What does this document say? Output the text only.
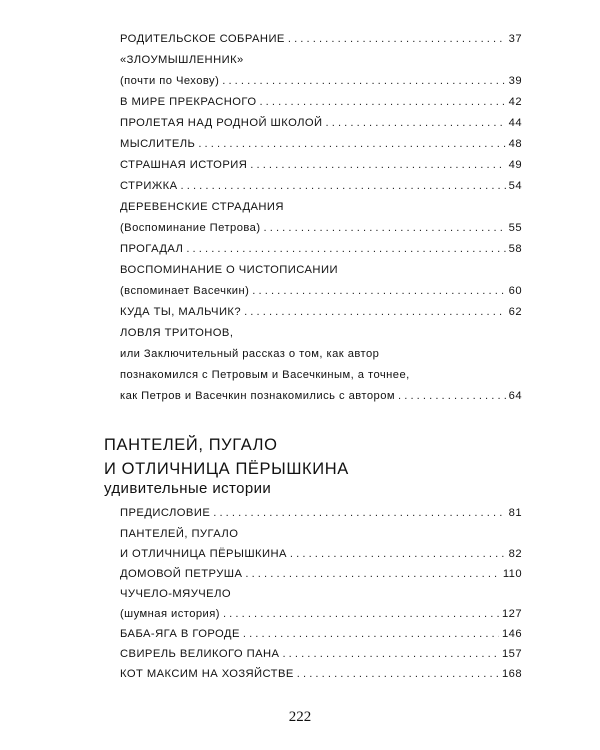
РОДИТЕЛЬСКОЕ СОБРАНИЕ . . .	37
«ЗЛОУМЫШЛЕННИК»
(почти по Чехову) . . .	39
В МИРЕ ПРЕКРАСНОГО . . .	42
ПРОЛЕТАЯ НАД РОДНОЙ ШКОЛОЙ . . .	44
МЫСЛИТЕЛЬ . . .	48
СТРАШНАЯ ИСТОРИЯ . . .	49
СТРИЖКА . . .	54
ДЕРЕВЕНСКИЕ СТРАДАНИЯ
(Воспоминание Петрова) . . .	55
ПРОГАДАЛ . . .	58
ВОСПОМИНАНИЕ О ЧИСТОПИСАНИИ
(вспоминает Васечкин) . . .	60
КУДА ТЫ, МАЛЬЧИК? . . .	62
ЛОВЛЯ ТРИТОНОВ,
или Заключительный рассказ о том, как автор
познакомился с Петровым и Васечкиным, а точнее,
как Петров и Васечкин познакомились с автором . . .	64
ПАНТЕЛЕЙ, ПУГАЛО
И ОТЛИЧНИЦА ПЁРЫШКИНА
удивительные истории
ПРЕДИСЛОВИЕ . . .	81
ПАНТЕЛЕЙ, ПУГАЛО
И ОТЛИЧНИЦА ПЁРЫШКИНА . . .	82
ДОМОВОЙ ПЕТРУША . . .	110
ЧУЧЕЛО-МЯУЧЕЛО
(шумная история) . . .	127
БАБА-ЯГА В ГОРОДЕ . . .	146
СВИРЕЛЬ ВЕЛИКОГО ПАНА . . .	157
КОТ МАКСИМ НА ХОЗЯЙСТВЕ . . .	168
222
